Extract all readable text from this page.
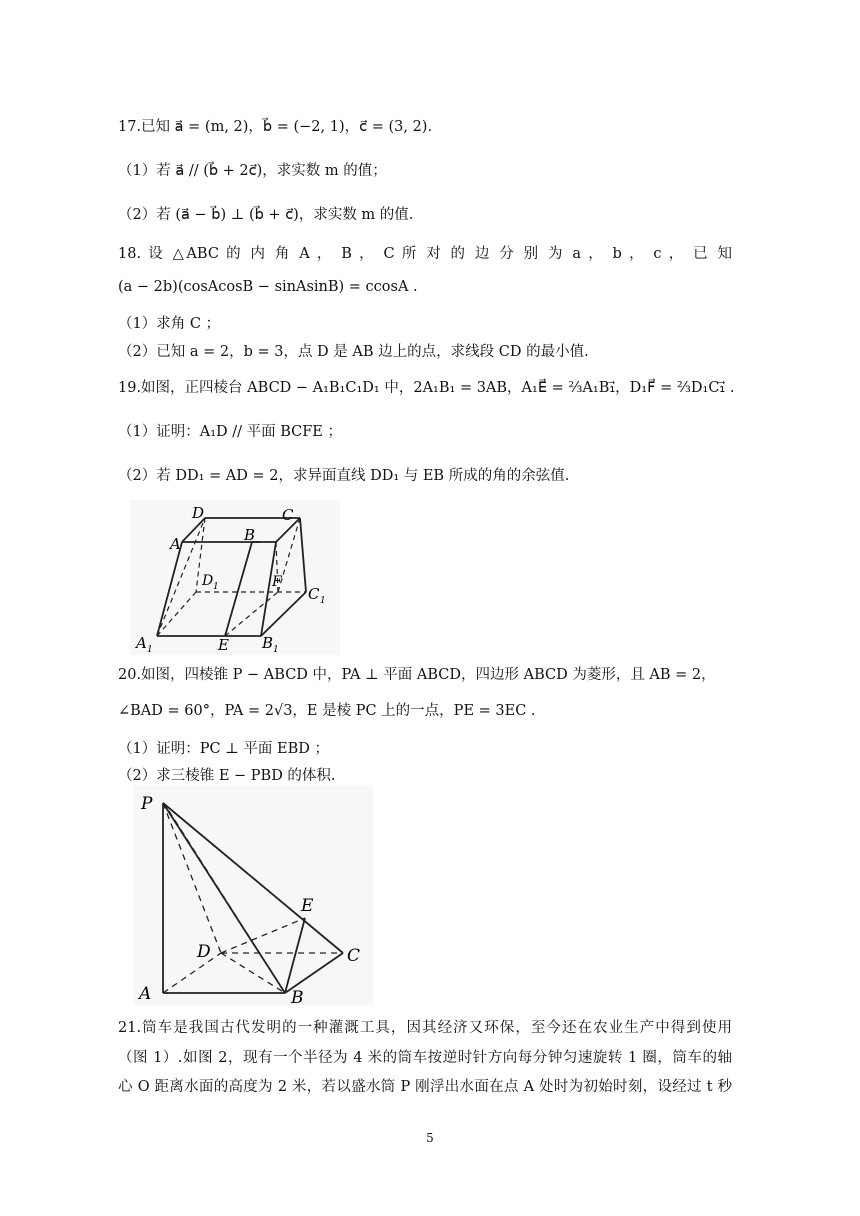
17.已知 a⃗ = (m, 2)，b⃗ = (−2, 1)，c⃗ = (3, 2).
（1）若 a⃗ // (b⃗ + 2c⃗)，求实数 m 的值；
（2）若 (a⃗ − b⃗) ⊥ (b⃗ + c⃗)，求实数 m 的值.
18. 设 △ABC 的 内 角 A ， B ， C 所 对 的 边 分 别 为 a ， b ， c ， 已 知
(a − 2b)(cosAcosB − sinAsinB) = ccosA .
（1）求角 C ；
（2）已知 a = 2，b = 3，点 D 是 AB 边上的点，求线段 CD 的最小值.
19.如图，正四棱台 ABCD − A₁B₁C₁D₁ 中，2A₁B₁ = 3AB，A₁E⃗ = ⅔A₁B₁⃗，D₁F⃗ = ⅔D₁C₁⃗ .
（1）证明：A₁D // 平面 BCFE ；
（2）若 DD₁ = AD = 2，求异面直线 DD₁ 与 EB 所成的角的余弦值.
D
B
C
A
D 1	F
C 1
A 1	E B 1
20.如图，四棱锥 P − ABCD 中，PA ⊥ 平面 ABCD，四边形 ABCD 为菱形，且 AB = 2，
∠BAD = 60°，PA = 2√3，E 是棱 PC 上的一点，PE = 3EC .
（1）证明：PC ⊥ 平面 EBD ；
（2）求三棱锥 E − PBD 的体积.
P
E
D	C
A	B
21.筒车是我国古代发明的一种灌溉工具，因其经济又环保，至今还在农业生产中得到使用
（图 1）.如图 2，现有一个半径为 4 米的筒车按逆时针方向每分钟匀速旋转 1 圈，筒车的轴
心 O 距离水面的高度为 2 米，若以盛水筒 P 刚浮出水面在点 A 处时为初始时刻，设经过 t 秒
5
